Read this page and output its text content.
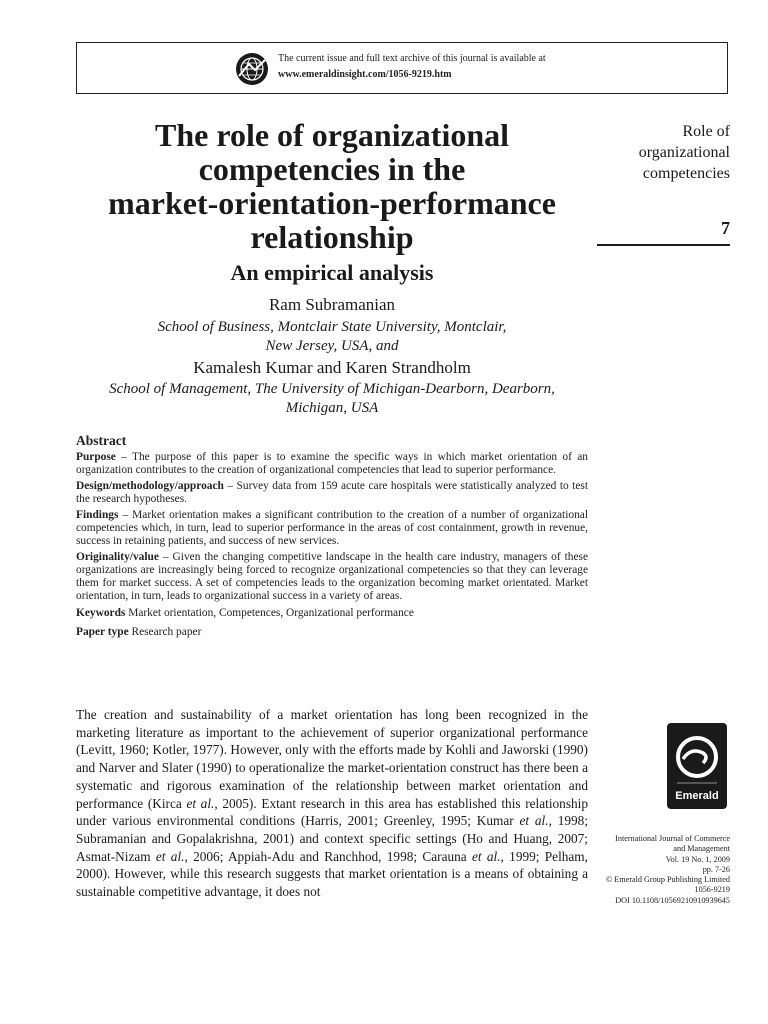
The current issue and full text archive of this journal is available at
www.emeraldinsight.com/1056-9219.htm
The role of organizational
competencies in the
market-orientation-performance
relationship
An empirical analysis
Ram Subramanian
School of Business, Montclair State University, Montclair,
New Jersey, USA, and
Kamalesh Kumar and Karen Strandholm
School of Management, The University of Michigan-Dearborn, Dearborn,
Michigan, USA
Role of
organizational
competencies
7
Abstract

Purpose – The purpose of this paper is to examine the specific ways in which market orientation of an organization contributes to the creation of organizational competencies that lead to superior performance.

Design/methodology/approach – Survey data from 159 acute care hospitals were statistically analyzed to test the research hypotheses.

Findings – Market orientation makes a significant contribution to the creation of a number of organizational competencies which, in turn, lead to superior performance in the areas of cost containment, growth in revenue, success in retaining patients, and success of new services.

Originality/value – Given the changing competitive landscape in the health care industry, managers of these organizations are increasingly being forced to recognize organizational competencies so that they can leverage them for market success. A set of competencies leads to the organization becoming market orientated. Market orientation, in turn, leads to organizational success in a variety of areas.

Keywords Market orientation, Competences, Organizational performance

Paper type Research paper

The creation and sustainability of a market orientation has long been recognized in the marketing literature as important to the achievement of superior organizational performance (Levitt, 1960; Kotler, 1977). However, only with the efforts made by Kohli and Jaworski (1990) and Narver and Slater (1990) to operationalize the market-orientation construct has there been a systematic and rigorous examination of the relationship between market orientation and performance (Kirca et al., 2005). Extant research in this area has established this relationship under various environmental conditions (Harris, 2001; Greenley, 1995; Kumar et al., 1998; Subramanian and Gopalakrishna, 2001) and context specific settings (Ho and Huang, 2007; Asmat-Nizam et al., 2006; Appiah-Adu and Ranchhod, 1998; Carauna et al., 1999; Pelham, 2000). However, while this research suggests that market orientation is a means of obtaining a sustainable competitive advantage, it does not

Emerald
International Journal of Commerce
and Management
Vol. 19 No. 1, 2009
pp. 7-26
© Emerald Group Publishing Limited
1056-9219
DOI 10.1108/10569210910939645
